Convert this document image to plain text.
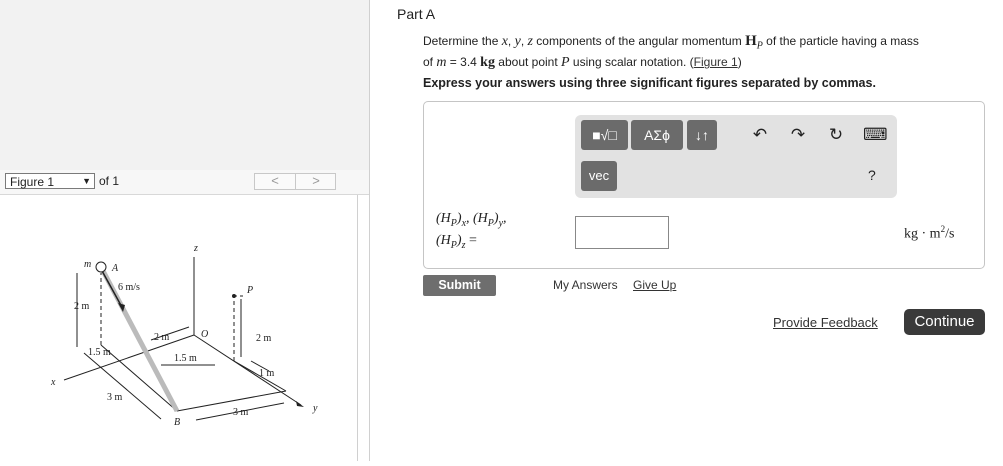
Figure 1	▼ of 1	<	>
m A
6 m/s
z
P
O
x
y
B
2 m
2 m	2 m
1.5 m
1.5 m
1 m
3 m
3 m
Part A
Determine the x, y, z components of the angular momentum $H_P$ of the particle having a mass
of m = 3.4 kg about point P using scalar notation. (Figure 1)
Express your answers using three significant figures separated by commas.
■√□	ΑΣϕ	↓↑	↶ ↷ ↻ ⌨
vec	?
$(H_P)_x$, $(H_P)_y$,
$(H_P)_z$ =	kg · $m^2/s$
Submit	My Answers Give Up
Provide Feedback	Continue
